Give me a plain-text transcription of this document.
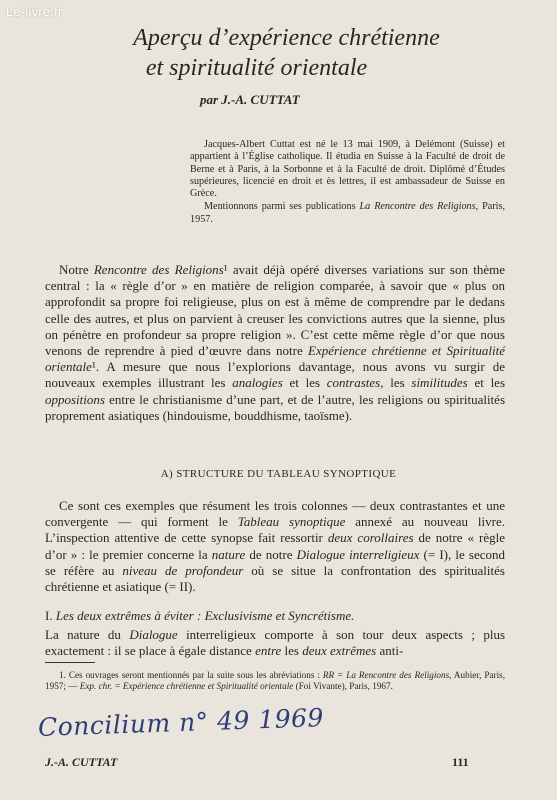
Le-livre.fr
Aperçu d’expérience chrétienne
et spiritualité orientale
par J.-A. CUTTAT

Jacques-Albert Cuttat est né le 13 mai 1909, à Delémont (Suisse) et appartient à l’Église catholique. Il étudia en Suisse à la Faculté de droit de Berne et à Paris, à la Sorbonne et à la Faculté de droit. Diplômé d’Études supérieures, licencié en droit et ès lettres, il est ambassadeur de Suisse en Grèce.

Mentionnons parmi ses publications La Rencontre des Religions, Paris, 1957.

Notre Rencontre des Religions¹ avait déjà opéré diverses variations sur son thème central : la « règle d’or » en matière de religion comparée, à savoir que « plus on approfondit sa propre foi religieuse, plus on est à même de comprendre par le dedans celle des autres, et plus on parvient à creuser les convictions autres que la sienne, plus on pénètre en profondeur sa propre religion ». C’est cette même règle d’or que nous venons de reprendre à pied d’œuvre dans notre Expérience chrétienne et Spiritualité orientale¹. A mesure que nous l’explorions davantage, nous avons vu surgir de nouveaux exemples illustrant les analogies et les contrastes, les similitudes et les oppositions entre le christianisme d’une part, et de l’autre, les religions ou spiritualités proprement asiatiques (hindouisme, bouddhisme, taoïsme).

A) STRUCTURE DU TABLEAU SYNOPTIQUE

Ce sont ces exemples que résument les trois colonnes — deux contrastantes et une convergente — qui forment le Tableau synoptique annexé au nouveau livre. L’inspection attentive de cette synopse fait ressortir deux corollaires de notre « règle d’or » : le premier concerne la nature de notre Dialogue interreligieux (= I), le second se réfère au niveau de profondeur où se situe la confrontation des spiritualités chrétienne et asiatique (= II).

I. Les deux extrêmes à éviter : Exclusivisme et Syncrétisme.

La nature du Dialogue interreligieux comporte à son tour deux aspects ; plus exactement : il se place à égale distance entre les deux extrêmes anti-

1. Ces ouvrages seront mentionnés par la suite sous les abréviations : RR = La Rencontre des Religions, Aubier, Paris, 1957; — Exp. chr. = Expérience chrétienne et Spiritualité orientale (Foi Vivante), Paris, 1967.
Concilium n° 49 1969
J.-A. CUTTAT	111
